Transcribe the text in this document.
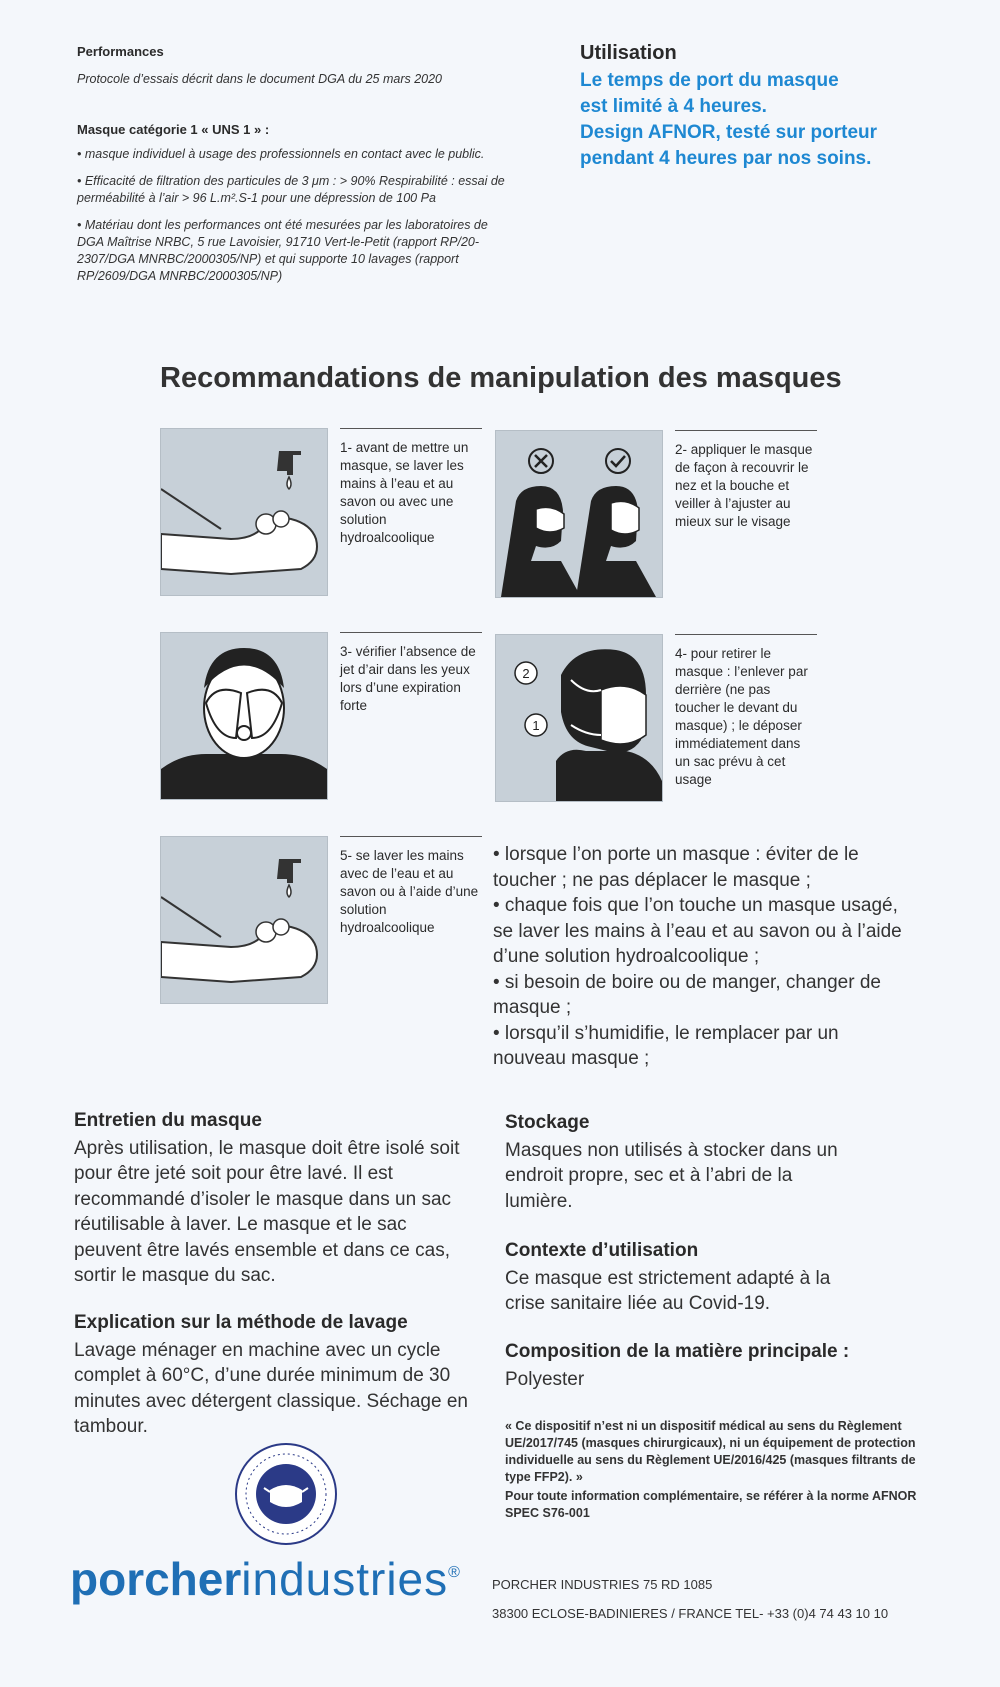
Performances
Protocole d’essais décrit dans le document DGA du 25 mars 2020
Masque catégorie 1 « UNS 1 » :

• masque individuel à usage des professionnels en contact avec le public.

• Efficacité de filtration des particules de 3 μm : > 90% Respirabilité : essai de perméabilité à l’air > 96 L.m².S-1 pour une dépression de 100 Pa

• Matériau dont les performances ont été mesurées par les laboratoires de DGA Maîtrise NRBC, 5 rue Lavoisier, 91710 Vert-le-Petit (rapport RP/20-2307/DGA MNRBC/2000305/NP) et qui supporte 10 lavages (rapport RP/2609/DGA MNRBC/2000305/NP)

Utilisation
Le temps de port du masque
est limité à 4 heures.
Design AFNOR, testé sur porteur
pendant 4 heures par nos soins.
Recommandations de manipulation des masques
1- avant de mettre un masque, se laver les mains à l’eau et au savon ou avec une solution hydroalcoolique
2- appliquer le masque de façon à recouvrir le nez et la bouche et veiller à l’ajuster au mieux sur le visage
3- vérifier l’absence de jet d’air dans les yeux lors d’une expiration forte
2
1
4- pour retirer le masque : l’enlever par derrière (ne pas toucher le devant du masque) ; le déposer immédiatement dans un sac prévu à cet usage
5- se laver les mains avec de l’eau et au savon ou à l’aide d’une solution hydroalcoolique

• lorsque l’on porte un masque : éviter de le toucher ; ne pas déplacer le masque ;

• chaque fois que l’on touche un masque usagé, se laver les mains à l’eau et au savon ou à l’aide d’une solution hydroalcoolique ;

• si besoin de boire ou de manger, changer de masque ;

• lorsqu’il s’humidifie, le remplacer par un nouveau masque ;

Entretien du masque
Après utilisation, le masque doit être isolé soit pour être jeté soit pour être lavé. Il est recommandé d’isoler le masque dans un sac réutilisable à laver. Le masque et le sac peuvent être lavés ensemble et dans ce cas, sortir le masque du sac.
Explication sur la méthode de lavage
Lavage ménager en machine avec un cycle complet à 60°C, d’une durée minimum de 30 minutes avec détergent classique. Séchage en tambour.
Stockage
Masques non utilisés à stocker dans un endroit propre, sec et à l’abri de la lumière.
Contexte d’utilisation
Ce masque est strictement adapté à la crise sanitaire liée au Covid-19.
Composition de la matière principale :
Polyester
« Ce dispositif n’est ni un dispositif médical au sens du Règlement UE/2017/745 (masques chirurgicaux), ni un équipement de protection individuelle au sens du Règlement UE/2016/425 (masques filtrants de type FFP2). »
Pour toute information complémentaire, se référer à la norme AFNOR SPEC S76-001
porcherindustries®
PORCHER INDUSTRIES 75 RD 1085
38300 ECLOSE-BADINIERES / FRANCE TEL- +33 (0)4 74 43 10 10
